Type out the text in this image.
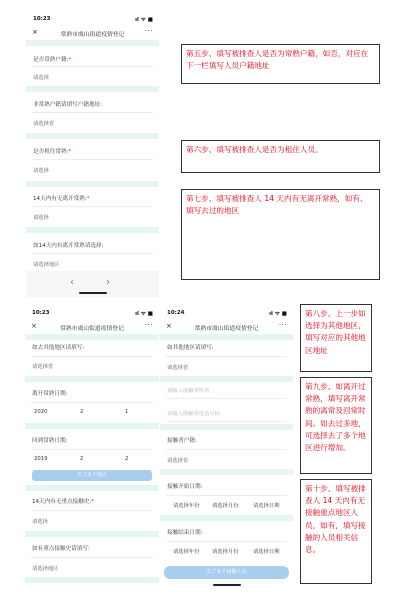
10:23	ıl ᯤ ■
×	常熟市虞山街道疫情登记	···
是否常熟户籍:*
请选择
非常熟户籍请填写户籍地址:
请选择省
是否租住常熟:*
请选择
14天内有无离开常熟:*
请选择
如14天内有离开常熟请选择:
请选择地区
‹	›
第五步、填写被排查人是否为常熟户籍，如否，对应在下一栏填写人员户籍地址
第六步、填写被排查人是否为租住人员。
第七步、填写被排查人 14 天内有无离开常熟，如有、填写去过的地区
10:23	ıl ᯤ ■
×	常熟市虞山街道疫情登记	···
如去其他地区请填写:
请选择省
离开常熟日期:
2020	2	1
回到常熟日期:
2019	2	2
去了多个地区
14天内有无重点接触史:*
请选择
如有重点接触史请填写:
请选择地区
10:24	ıl ᯤ ■
×	常熟市虞山街道疫情登记	···
如其他地区请填写:
请选择省
请输入接触者姓名
请输入接触者电话号码
接触者户籍:
请选择省
接触开始日期:
请选择年份 请选择月份	请选择日期
接触结束日期:
请选择年份 请选择月份	请选择日期
去了多个接触人员
第八步、上一步如选择为其他地区，填写对应的其他地区地址
第九步、如离开过常熟，填写离开常熟的离常及回常时间。如去过多地，可选择去了多个地区进行增加。
第十步、填写被排查人 14 天内有无接触重点地区人员，如有，填写接触的人员相关信息。
